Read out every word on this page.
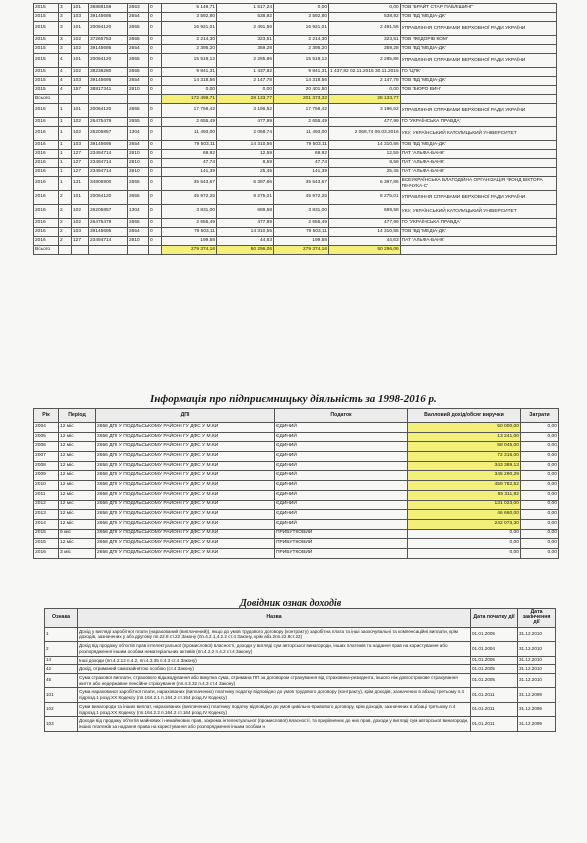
2015	3	101	36888159	2653	0	5 149,71	1 517,24	0,00	0,00	ТОВ 'БРАЙТ СТАР ПАБЛІШИНГ'
2015	3	103	39145695	2654	0	3 592,80	538,92	3 592,80	538,92	ТОВ 'ВД 'МЕДІА-ДК'
2015	3	101	20064120	2655	0	16 921,01	2 491,56	16 921,01	2 491,56	УПРАВЛІННЯ СПРАВАМИ ВЕРХОВНОЇ РАДИ УКРАЇНИ
2015	3	102	37265753	2655	0	2 214,30	323,51	2 214,30	323,51	ТОВ 'ФЕДОРІВ КОМ'
2015	3	102	39145695	2654	0	2 395,20	359,28	2 395,20	359,28	ТОВ 'ВД 'МЕДІА-ДК'
2015	4	101	20064120	2655	0	15 519,12	2 285,86	15 519,12	2 285,86	УПРАВЛІННЯ СПРАВАМИ ВЕРХОВНОЇ РАДИ УКРАЇНИ
2015	4	102	38238280	2655	0	9 841,31	1 437,82	9 841,31	1 437,82 02.11.2015 30.11.2015	ГО 'ЦПК'
2015	4	103	39145695	2654	0	14 318,56	2 147,78	14 318,56	2 147,78	ТОВ 'ВД 'МЕДІА-ДК'
2015	4	157	38817341	2810	0	0,00	0,00	20 401,50	0,00	ТОВ 'БЮРО ВИН'
Всього						172 499,71	28 133,77	201 373,32	28 133,77	
2016	1	101	20064120	2655	0	17 758,42	3 196,52	17 758,42	3 196,52	УПРАВЛІННЯ СПРАВАМИ ВЕРХОВНОЇ РАДИ УКРАЇНИ
2016	1	102	26475479	2655	0	2 655,49	477,99	2 655,49	477,99	ГО 'УКРАЇНСЬКА ПРАВДА'
2016	1	102	26205857	1304	0	11 493,00	2 068,74	11 493,00	2 068,74 06.03.2016	УКУ, УКРАЇНСЬКИЙ КАТОЛИЦЬКИЙ УНІВЕРСИТЕТ
2016	1	103	39145695	2654	0	79 503,11	14 310,56	79 503,11	14 310,56	ТОВ 'ВД 'МЕДІА-ДК'
2016	1	127	23494714	2810	0	69,92	12,59	69,92	12,59	ПАТ 'АЛЬФА-БАНК'
2016	1	127	23494714	2810	0	47,74	8,59	47,74	8,59	ПАТ 'АЛЬФА-БАНК'
2016	1	127	23494714	2810	0	141,39	25,45	141,39	25,45	ПАТ 'АЛЬФА-БАНК'
2016	1	131	34806900	2655	0	35 543,67	6 397,86	35 543,67	6 397,86	ВСЕУКРАЇНСЬКА БЛАГОДІЙНА ОРГАНІЗАЦІЯ 'ФОНД ВІКТОРА ПІНЧУКА-С'
2016	2	101	20064120	2655	0	45 972,25	8 275,01	45 972,25	8 275,01	УПРАВЛІННЯ СПРАВАМИ ВЕРХОВНОЇ РАДИ УКРАЇНИ
2016	2	102	26205857	1304	0	3 831,00	689,58	3 831,00	689,58	УКУ, УКРАЇНСЬКИЙ КАТОЛИЦЬКИЙ УНІВЕРСИТЕТ
2016	2	102	26475479	2655	0	2 655,49	477,99	2 655,49	477,99	ГО 'УКРАЇНСЬКА ПРАВДА'
2016	2	103	39145695	2654	0	79 503,11	14 310,55	79 503,11	14 310,55	ТОВ 'ВД 'МЕДІА-ДК'
2016	2	127	23494714	2810	0	199,58	44,63	199,58	44,63	ПАТ 'АЛЬФА-БАНК'
Всього						279 374,16	50 296,06	279 374,16	50 296,06	
Інформація про підприємницьку діяльність за 1998-2016 р.
Рік	Період	ДПІ	Податок	Валловий дохід/обсяг виручки	Затрати
2004	12 міс	2656 ДПІ У ПОДІЛЬСЬКОМУ РАЙОНІ ГУ ДФС У М.КИ	ЄДИНИЙ	50 000,00	0,00
2005	12 міс	2656 ДПІ У ПОДІЛЬСЬКОМУ РАЙОНІ ГУ ДФС У М.КИ	ЄДИНИЙ	13 241,00	0,00
2006	12 міс	2656 ДПІ У ПОДІЛЬСЬКОМУ РАЙОНІ ГУ ДФС У М.КИ	ЄДИНИЙ	58 045,00	0,00
2007	12 міс	2656 ДПІ У ПОДІЛЬСЬКОМУ РАЙОНІ ГУ ДФС У М.КИ	ЄДИНИЙ	72 316,00	0,00
2008	12 міс	2656 ДПІ У ПОДІЛЬСЬКОМУ РАЙОНІ ГУ ДФС У М.КИ	ЄДИНИЙ	343 389,13	0,00
2009	12 міс	2656 ДПІ У ПОДІЛЬСЬКОМУ РАЙОНІ ГУ ДФС У М.КИ	ЄДИНИЙ	345 290,29	0,00
2010	12 міс	2656 ДПІ У ПОДІЛЬСЬКОМУ РАЙОНІ ГУ ДФС У М.КИ	ЄДИНИЙ	459 782,52	0,00
2011	12 міс	2656 ДПІ У ПОДІЛЬСЬКОМУ РАЙОНІ ГУ ДФС У М.КИ	ЄДИНИЙ	55 311,92	0,00
2012	12 міс	2656 ДПІ У ПОДІЛЬСЬКОМУ РАЙОНІ ГУ ДФС У М.КИ	ЄДИНИЙ	131 023,00	0,00
2013	12 міс	2656 ДПІ У ПОДІЛЬСЬКОМУ РАЙОНІ ГУ ДФС У М.КИ	ЄДИНИЙ	46 660,00	0,00
2014	12 міс	2656 ДПІ У ПОДІЛЬСЬКОМУ РАЙОНІ ГУ ДФС У М.КИ	ЄДИНИЙ	242 073,30	0,00
2015	9 міс	2656 ДПІ У ПОДІЛЬСЬКОМУ РАЙОНІ ГУ ДФС У М.КИ	ПРИБУТКОВИЙ	0,00	0,00
2015	12 міс	2656 ДПІ У ПОДІЛЬСЬКОМУ РАЙОНІ ГУ ДФС У М.КИ	ПРИБУТКОВИЙ	0,00	0,00
2016	3 міс	2656 ДПІ У ПОДІЛЬСЬКОМУ РАЙОНІ ГУ ДФС У М.КИ	ПРИБУТКОВИЙ	0,00	0,00
Довідник ознак доходів
Ознака	Назва	Дата початку дії	Дата закінчення дії
1	Дохід у вигляді заробітної плати (нарахований (виплачений)), якщо до умов трудового договору (контракту) заробітна плата та інші заохочувальні та компенсаційні виплати, крім доходів, зазначених у абз.другому пп.22.8 ст.22 Закону (пп.4.2.1,4.2.2 ст.4 Закону, крім абз.2пп.22.8ст.22)	01.01.2005	31.12.2010
2	Дохід від продажу об'єктів прав інтелектуальної (промислової) власності, доходи у вигляді сум авторської винагороди, інших платежів та надання прав на користування або розпорядження іншим особам нематеріальних активів (пп.4.2.2 п.4.2 ст.4 Закону)	01.01.2004	31.12.2010
14	Інші доходи (пп.4.2.12 п.4.2, пп.4.3.35 п.4.3 ст.4 Закону)	01.01.2005	31.12.2010
42	Дохід, отриманий самозайнятою особою (ст.4 Закону)	01.01.2005	31.12.2010
45	Сума страхової виплати, страхового відшкодування або викупна сума, отримана ПП за договором страхування від страховика-резидента, іншого ніж довгострокове страхування життя або недержавне пенсійне страхування (пп.4.3.32 п.4.3 ст.4 Закону)	01.01.2005	31.12.2010
101	Сума нарахованої заробітної плати, нарахованих (виплачених) платнику податку відповідно до умов трудового договору (контракту), крім доходів, зазначених в абзаці третьому п.4 підрозд.1 розд.XX Кодексу (пп.164.2.1 п.164.2 ст.164 розд.IV Кодексу)	01.01.2011	31.12.2099
102	Суми винагороди та інших виплат, нарахованих (виплачених) платнику податку відповідно до умов цивільно-правового договору, крім доходів, зазначених в абзаці третьому п.4 підрозд.1 розд.XX Кодексу (пп.164.2.2 п.164.2 ст.164 розд.IV Кодексу)	01.01.2011	31.12.2099
103	Доходи від продажу об'єктів майнових і немайнових прав, зокрема інтелектуальної (промислової) власності, та прирівняних до них прав, доходи у вигляді сум авторської винагороди, інших платежів за надання права на користування або розпорядження іншим особам н	01.01.2011	31.12.2099
